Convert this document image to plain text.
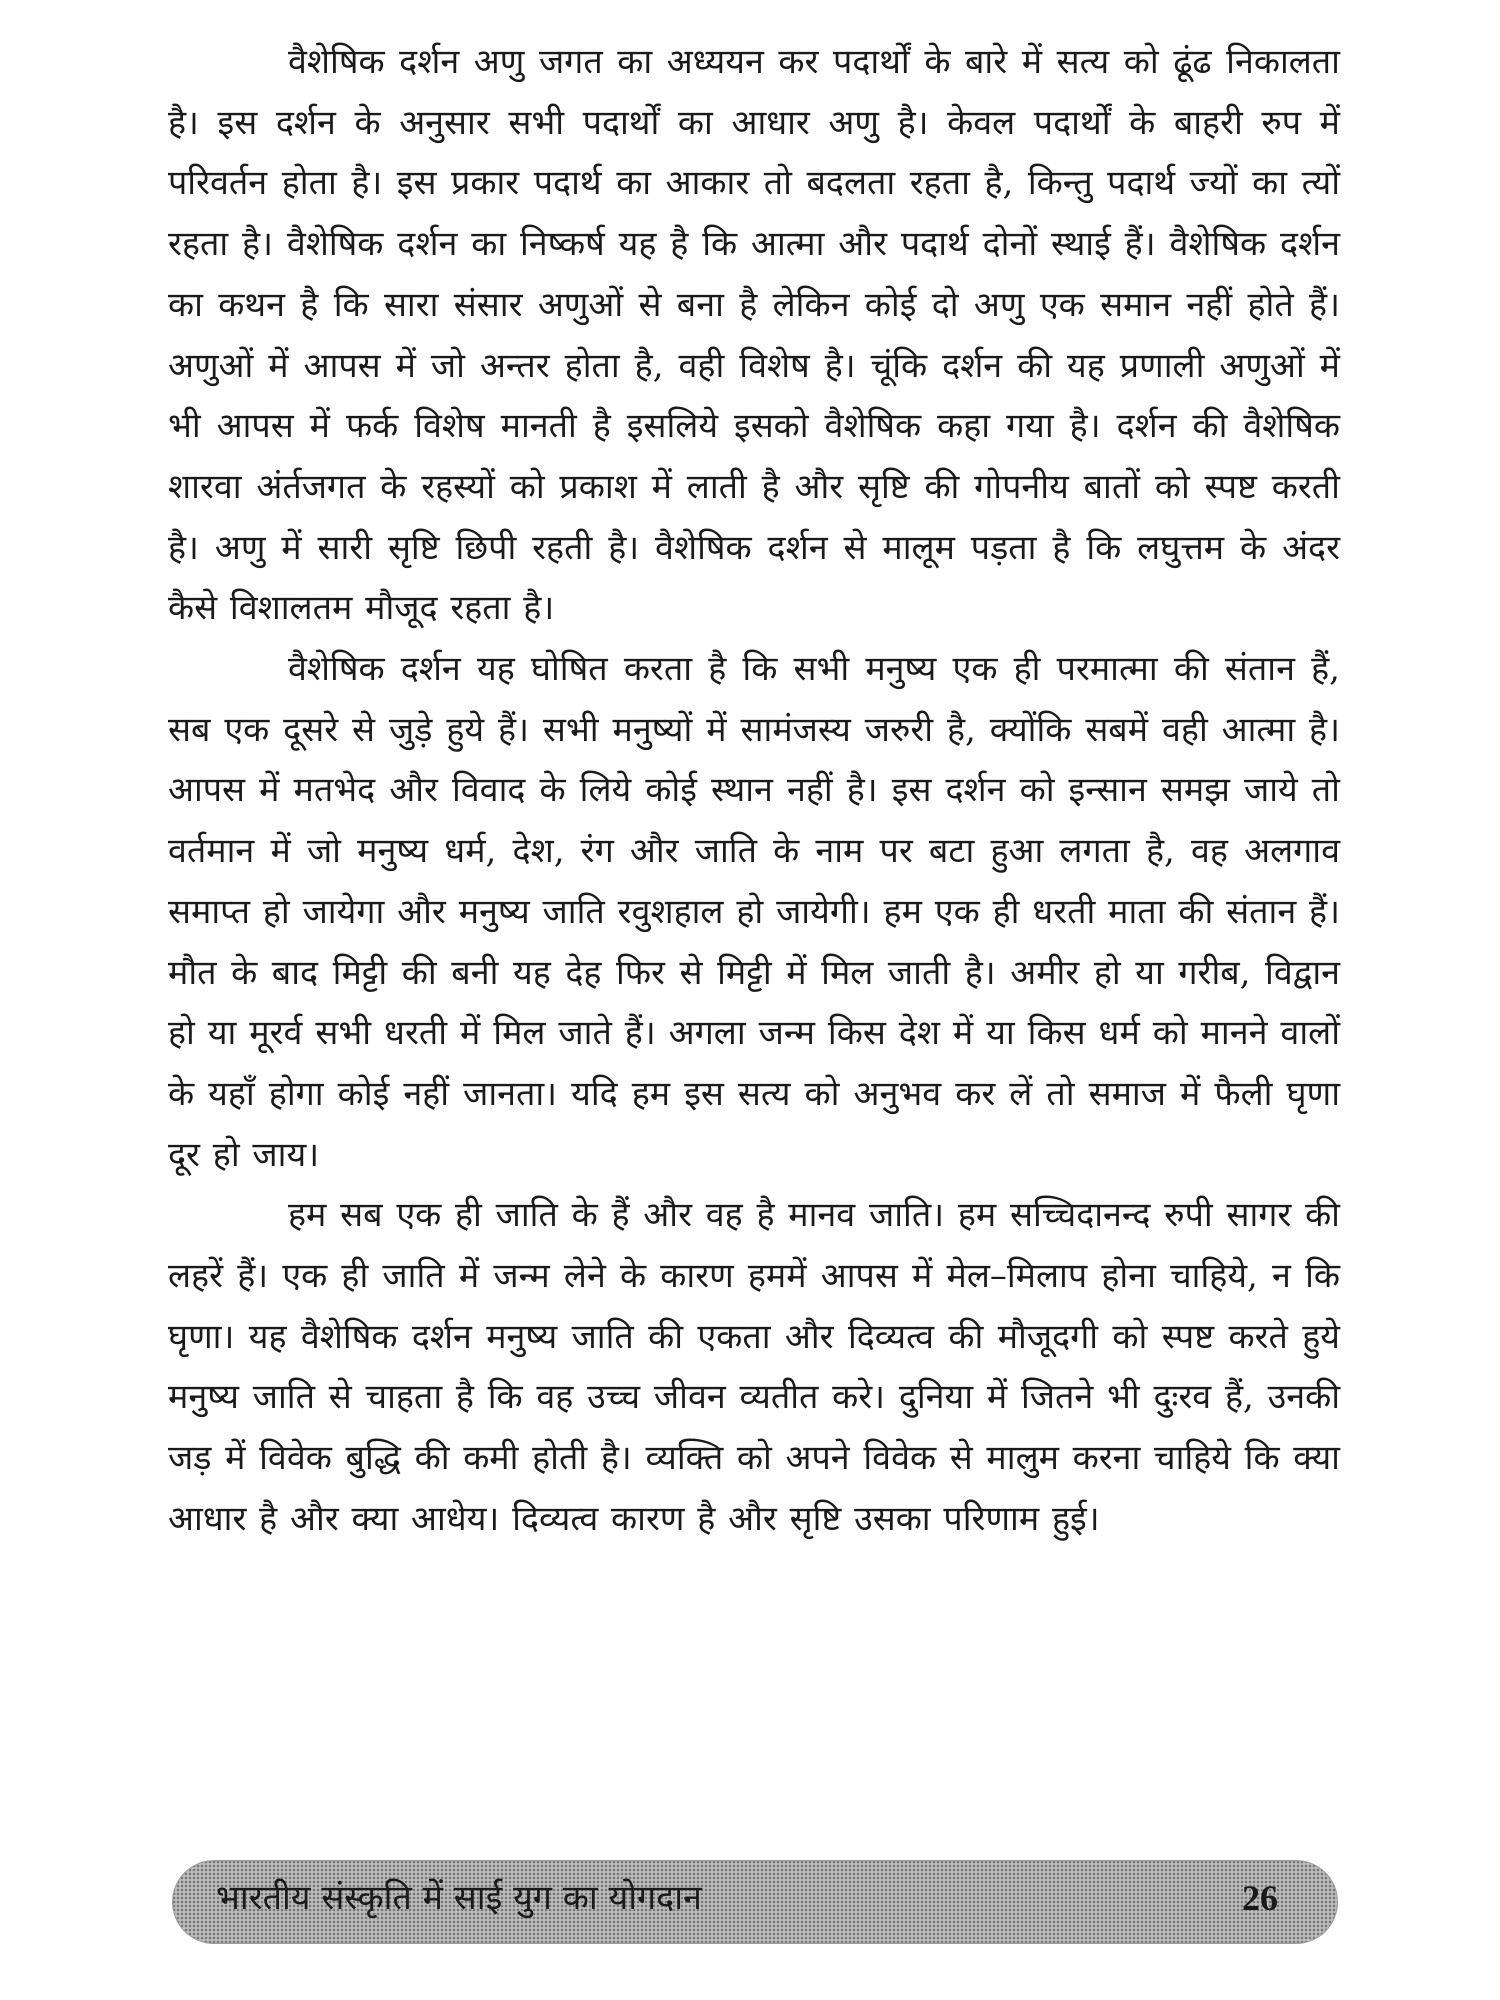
वैशेषिक दर्शन अणु जगत का अध्ययन कर पदार्थों के बारे में सत्य को ढूंढ निकालता है। इस दर्शन के अनुसार सभी पदार्थों का आधार अणु है। केवल पदार्थों के बाहरी रुप में परिवर्तन होता है। इस प्रकार पदार्थ का आकार तो बदलता रहता है, किन्तु पदार्थ ज्यों का त्यों रहता है। वैशेषिक दर्शन का निष्कर्ष यह है कि आत्मा और पदार्थ दोनों स्थाई हैं। वैशेषिक दर्शन का कथन है कि सारा संसार अणुओं से बना है लेकिन कोई दो अणु एक समान नहीं होते हैं। अणुओं में आपस में जो अन्तर होता है, वही विशेष है। चूंकि दर्शन की यह प्रणाली अणुओं में भी आपस में फर्क विशेष मानती है इसलिये इसको वैशेषिक कहा गया है। दर्शन की वैशेषिक शारवा अंर्तजगत के रहस्यों को प्रकाश में लाती है और सृष्टि की गोपनीय बातों को स्पष्ट करती है। अणु में सारी सृष्टि छिपी रहती है। वैशेषिक दर्शन से मालूम पड़ता है कि लघुत्तम के अंदर कैसे विशालतम मौजूद रहता है।

वैशेषिक दर्शन यह घोषित करता है कि सभी मनुष्य एक ही परमात्मा की संतान हैं, सब एक दूसरे से जुड़े हुये हैं। सभी मनुष्यों में सामंजस्य जरुरी है, क्योंकि सबमें वही आत्मा है। आपस में मतभेद और विवाद के लिये कोई स्थान नहीं है। इस दर्शन को इन्सान समझ जाये तो वर्तमान में जो मनुष्य धर्म, देश, रंग और जाति के नाम पर बटा हुआ लगता है, वह अलगाव समाप्त हो जायेगा और मनुष्य जाति रवुशहाल हो जायेगी। हम एक ही धरती माता की संतान हैं। मौत के बाद मिट्टी की बनी यह देह फिर से मिट्टी में मिल जाती है। अमीर हो या गरीब, विद्वान हो या मूरर्व सभी धरती में मिल जाते हैं। अगला जन्म किस देश में या किस धर्म को मानने वालों के यहाँ होगा कोई नहीं जानता। यदि हम इस सत्य को अनुभव कर लें तो समाज में फैली घृणा दूर हो जाय।

हम सब एक ही जाति के हैं और वह है मानव जाति। हम सच्चिदानन्द रुपी सागर की लहरें हैं। एक ही जाति में जन्म लेने के कारण हममें आपस में मेल–मिलाप होना चाहिये, न कि घृणा। यह वैशेषिक दर्शन मनुष्य जाति की एकता और दिव्यत्व की मौजूदगी को स्पष्ट करते हुये मनुष्य जाति से चाहता है कि वह उच्च जीवन व्यतीत करे। दुनिया में जितने भी दुःरव हैं, उनकी जड़ में विवेक बुद्धि की कमी होती है। व्यक्ति को अपने विवेक से मालुम करना चाहिये कि क्या आधार है और क्या आधेय। दिव्यत्व कारण है और सृष्टि उसका परिणाम हुई।

भारतीय संस्कृति में साई युग का योगदान	26
